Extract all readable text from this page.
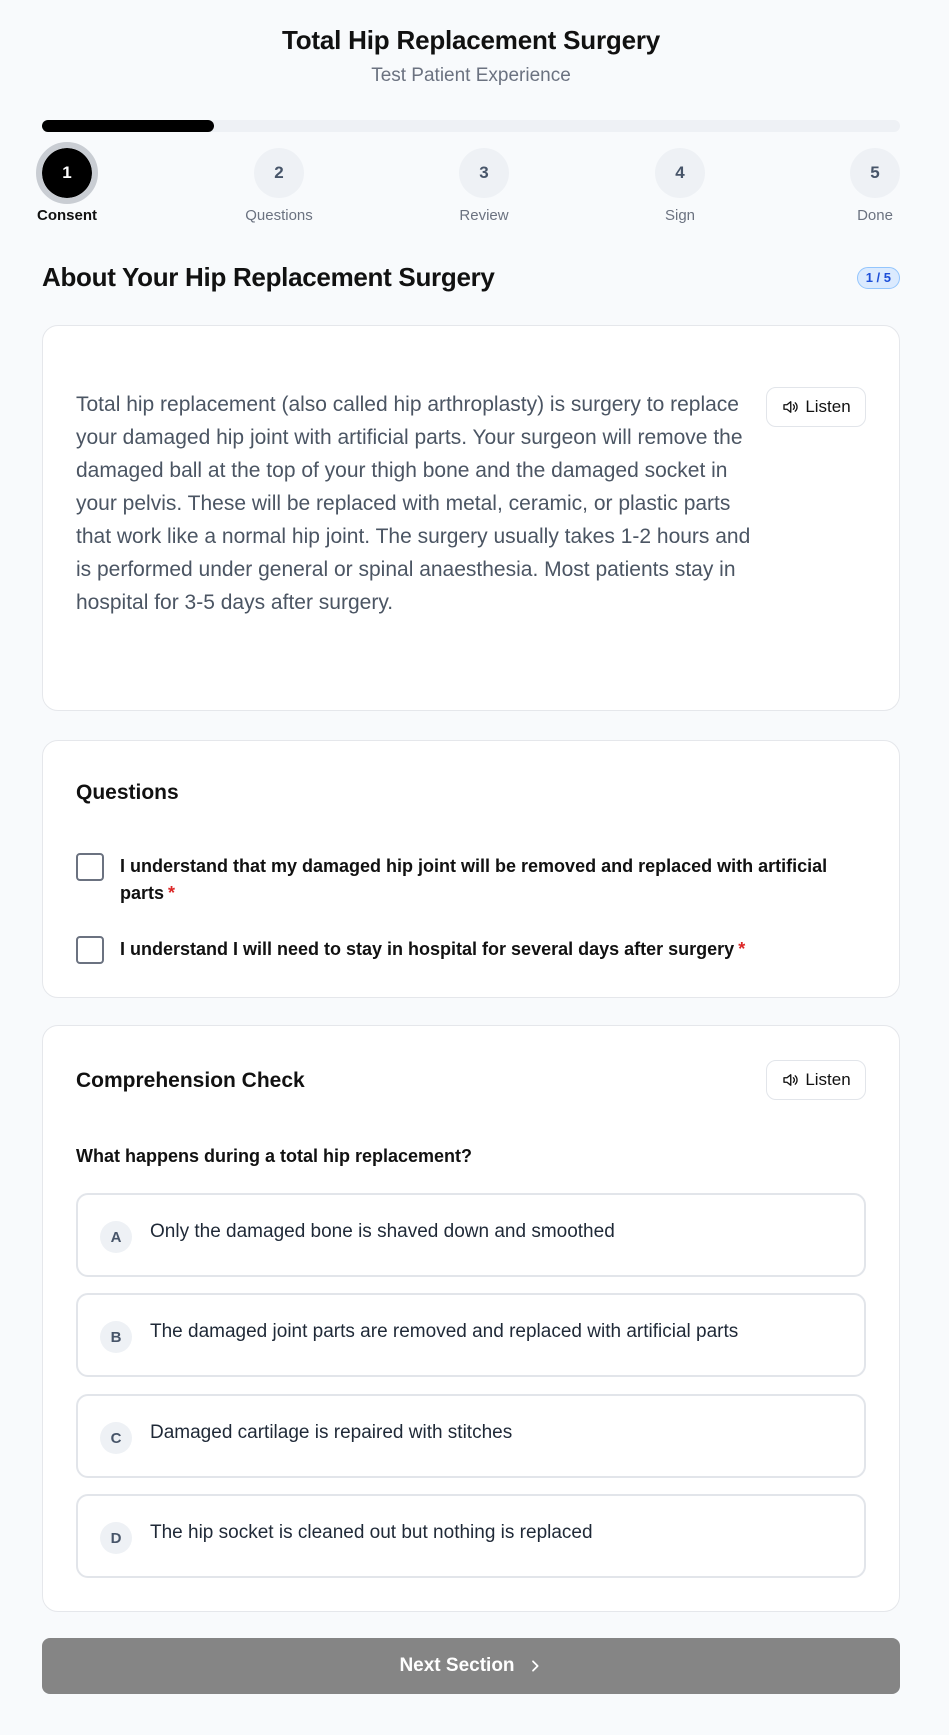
Total Hip Replacement Surgery
Test Patient Experience
1
Consent
2
Questions
3
Review
4
Sign
5
Done
About Your Hip Replacement Surgery	1 / 5
Total hip replacement (also called hip arthroplasty) is surgery to replace your damaged hip joint with artificial parts. Your surgeon will remove the damaged ball at the top of your thigh bone and the damaged socket in your pelvis. These will be replaced with metal, ceramic, or plastic parts that work like a normal hip joint. The surgery usually takes 1-2 hours and is performed under general or spinal anaesthesia. Most patients stay in hospital for 3-5 days after surgery.
Listen
Questions
I understand that my damaged hip joint will be removed and replaced with artificial parts *
I understand I will need to stay in hospital for several days after surgery *
Comprehension Check	Listen
What happens during a total hip replacement?
A	Only the damaged bone is shaved down and smoothed
B	The damaged joint parts are removed and replaced with artificial parts
C	Damaged cartilage is repaired with stitches
D	The hip socket is cleaned out but nothing is replaced
Next Section
